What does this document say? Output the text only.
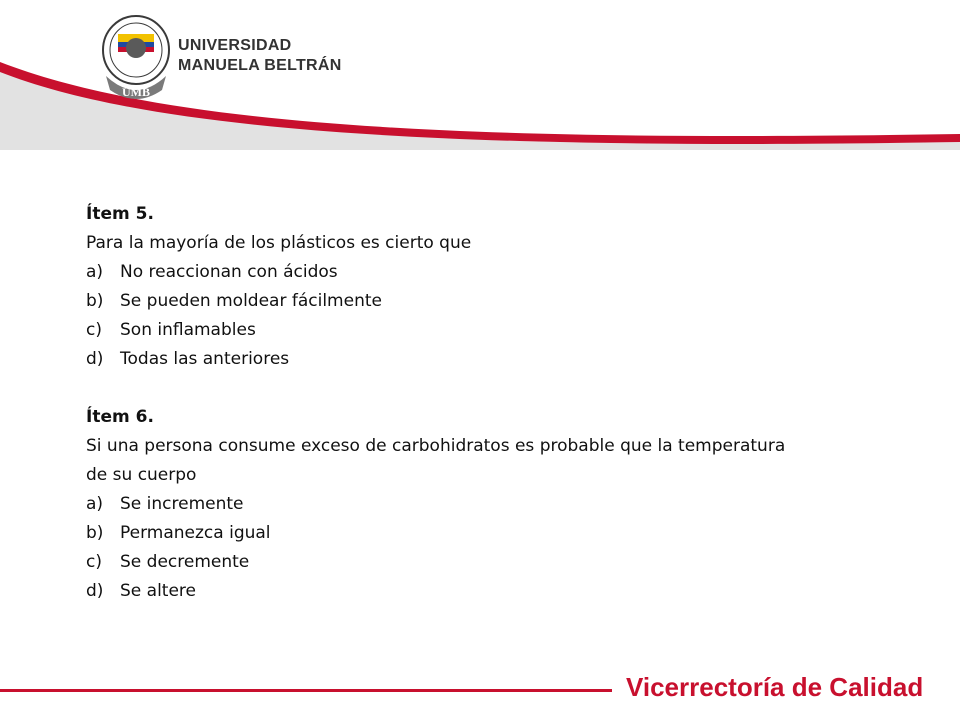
UMB
UNIVERSIDAD
MANUELA BELTRÁN
Ítem 5.
Para la mayoría de los plásticos es cierto que
a) No reaccionan con ácidos
b) Se pueden moldear fácilmente
c)	Son inflamables
d) Todas las anteriores
Ítem 6.
Si una persona consume exceso de carbohidratos es probable que la temperatura de su cuerpo
a) Se incremente
b) Permanezca igual
c)	Se decremente
d) Se altere
Vicerrectoría de Calidad
